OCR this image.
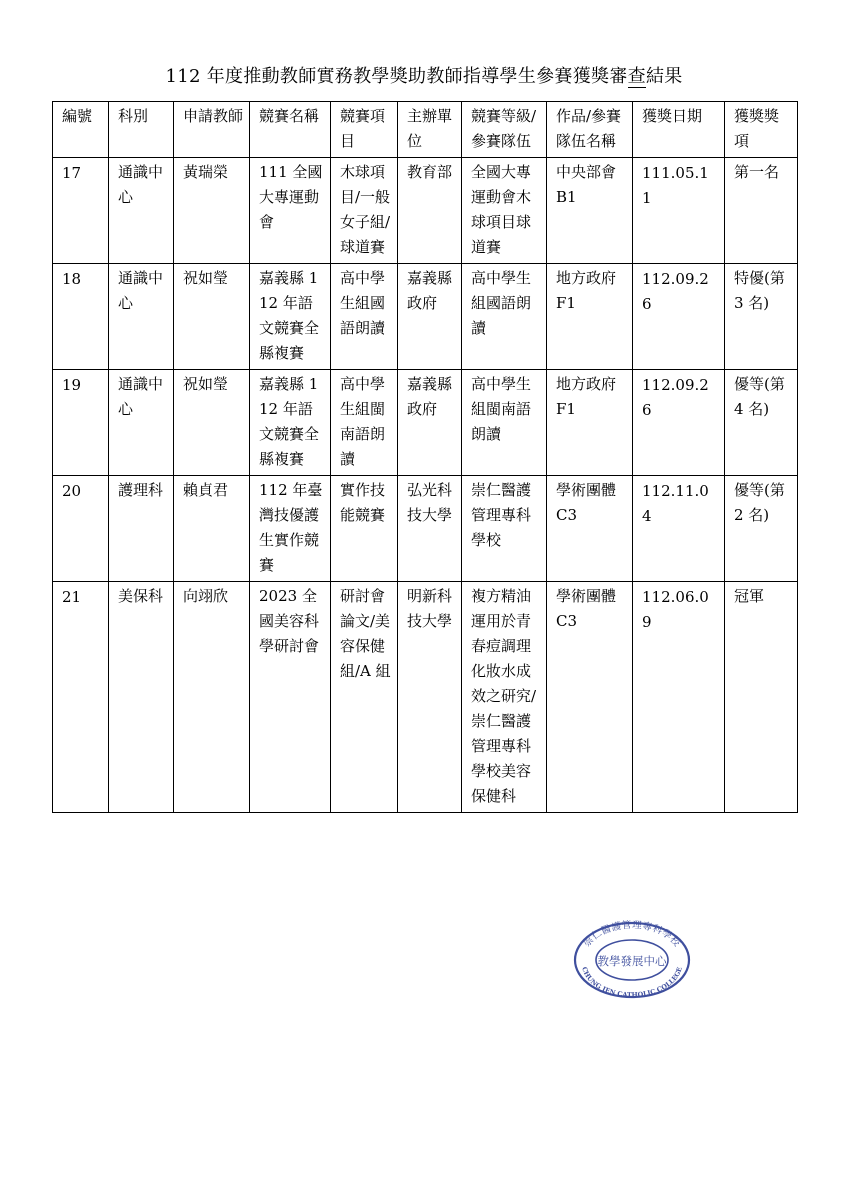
112 年度推動教師實務教學獎助教師指導學生參賽獲獎審查結果
編號	科別	申請教師	競賽名稱	競賽項目	主辦單位	競賽等級/參賽隊伍	作品/參賽隊伍名稱	獲獎日期	獲獎獎項
17	通識中心	黃瑞榮	111 全國大專運動會	木球項目/一般女子組/球道賽	教育部	全國大專運動會木球項目球道賽	中央部會 B1	111.05.11	第一名
18	通識中心	祝如瑩	嘉義縣 112 年語文競賽全縣複賽	高中學生組國語朗讀	嘉義縣政府	高中學生組國語朗讀	地方政府 F1	112.09.26	特優(第 3 名)
19	通識中心	祝如瑩	嘉義縣 112 年語文競賽全縣複賽	高中學生組閩南語朗讀	嘉義縣政府	高中學生組閩南語朗讀	地方政府 F1	112.09.26	優等(第 4 名)
20	護理科	賴貞君	112 年臺灣技優護生實作競賽	實作技能競賽	弘光科技大學	崇仁醫護管理專科學校	學術團體 C3	112.11.04	優等(第 2 名)
21	美保科	向翊欣	2023 全國美容科學研討會	研討會論文/美容保健組/A 組	明新科技大學	複方精油運用於青春痘調理化妝水成效之研究/崇仁醫護管理專科學校美容保健科	學術團體 C3	112.06.09	冠軍
崇仁醫護管理專科學校
教學發展中心
CHUNG JEN CATHOLIC COLLEGE
